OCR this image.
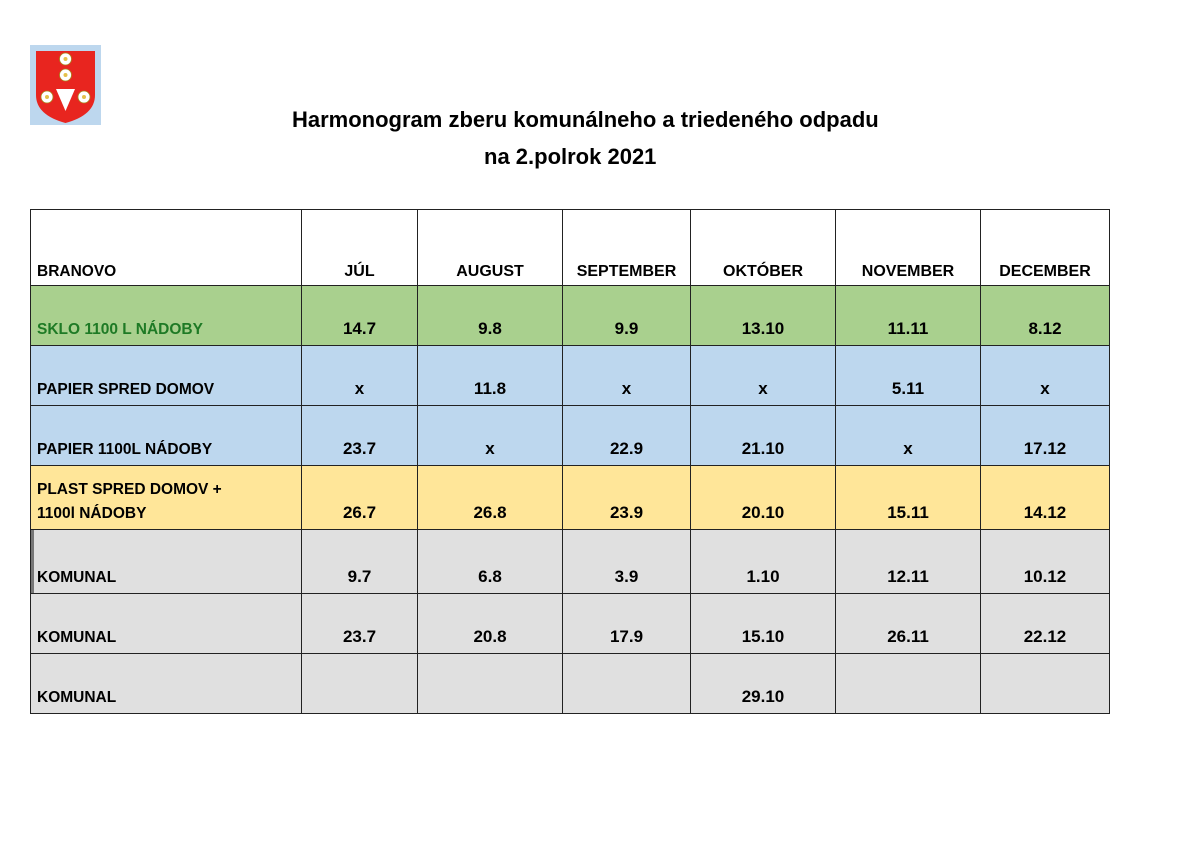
Harmonogram zberu komunálneho a triedeného odpadu
na 2.polrok 2021
BRANOVO	JÚL	AUGUST	SEPTEMBER	OKTÓBER	NOVEMBER	DECEMBER
SKLO 1100 L NÁDOBY	14.7	9.8	9.9	13.10	11.11	8.12
PAPIER SPRED DOMOV	x	11.8	x	x	5.11	x
PAPIER 1100L NÁDOBY	23.7	x	22.9	21.10	x	17.12
PLAST SPRED DOMOV +
1100l NÁDOBY	26.7	26.8	23.9	20.10	15.11	14.12
KOMUNAL	9.7	6.8	3.9	1.10	12.11	10.12
KOMUNAL	23.7	20.8	17.9	15.10	26.11	22.12
KOMUNAL				29.10		
